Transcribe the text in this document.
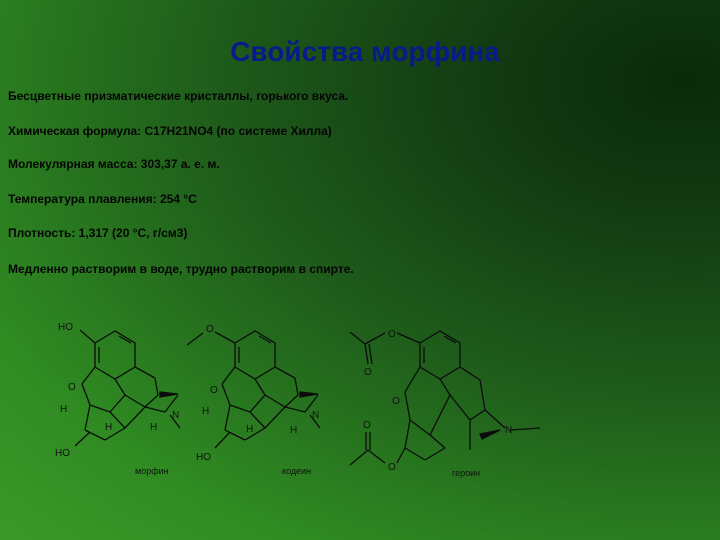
Свойства морфина
Бесцветные призматические кристаллы, горького вкуса.
Химическая формула: C17H21NO4 (по системе Хилла)
Молекулярная масса: 303,37 а. е. м.
Температура плавления: 254 °C
Плотность: 1,317 (20 °C, г/см3)
Медленно растворим в воде, трудно растворим в спирте.
HO
O
H
H	H
N
HO
O
O
H
H	H
N
HO
O
O
O
O
O
N
морфин	кодеин	героин
